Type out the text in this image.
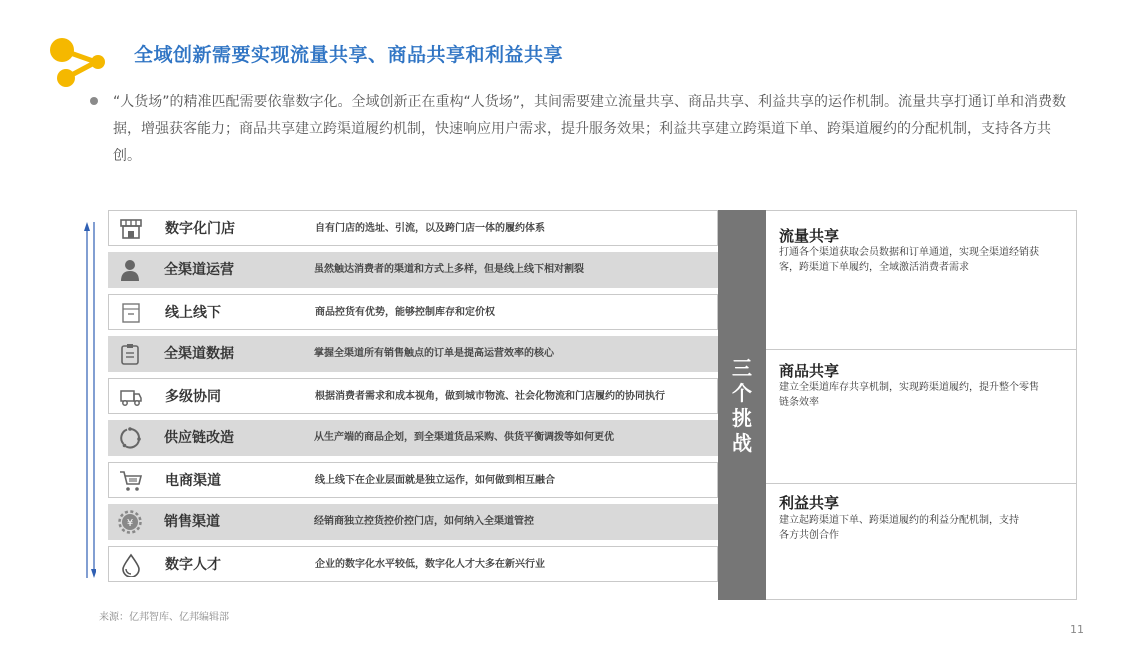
全域创新需要实现流量共享、商品共享和利益共享
“人货场”的精准匹配需要依靠数字化。全域创新正在重构“人货场”，其间需要建立流量共享、商品共享、利益共享的运作机制。流量共享打通订单和消费数据，增强获客能力；商品共享建立跨渠道履约机制，快速响应用户需求，提升服务效果；利益共享建立跨渠道下单、跨渠道履约的分配机制，支持各方共创。
数字化门店	自有门店的选址、引流，以及跨门店一体的履约体系
全渠道运营	虽然触达消费者的渠道和方式上多样，但是线上线下相对割裂
线上线下	商品控货有优势，能够控制库存和定价权
全渠道数据	掌握全渠道所有销售触点的订单是提高运营效率的核心
多级协同	根据消费者需求和成本视角，做到城市物流、社会化物流和门店履约的协同执行
供应链改造	从生产端的商品企划，到全渠道货品采购、供货平衡调拨等如何更优
电商渠道	线上线下在企业层面就是独立运作，如何做到相互融合
¥ 销售渠道	经销商独立控货控价控门店，如何纳入全渠道管控
数字人才	企业的数字化水平较低，数字化人才大多在新兴行业
三
个
挑
战
流量共享
打通各个渠道获取会员数据和订单通道，实现全渠道经销获客，跨渠道下单履约，全域激活消费者需求
商品共享
建立全渠道库存共享机制，实现跨渠道履约，提升整个零售链条效率
利益共享
建立起跨渠道下单、跨渠道履约的利益分配机制，支持各方共创合作
来源：亿邦智库、亿邦编辑部
11
